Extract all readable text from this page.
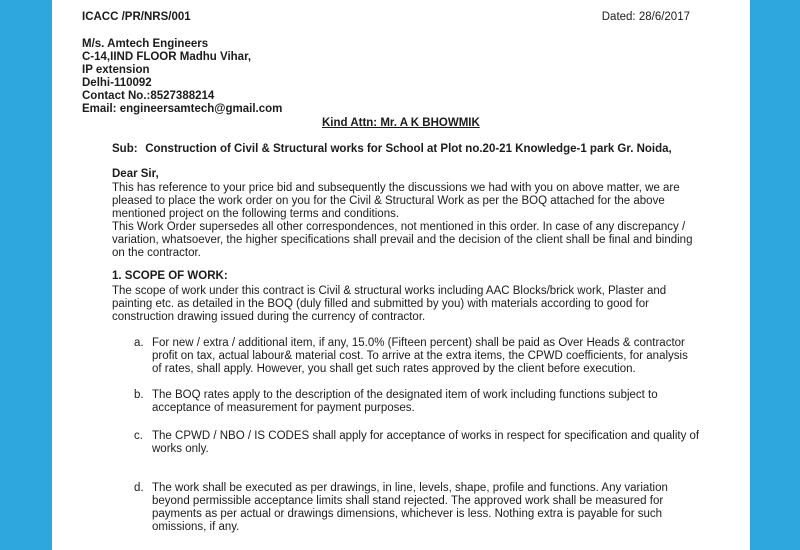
ICACC /PR/NRS/001	Dated: 28/6/2017
M/s. Amtech Engineers
C-14,IIND FLOOR Madhu Vihar,
IP extension
Delhi-110092
Contact No.:8527388214
Email: engineersamtech@gmail.com
Kind Attn: Mr. A K BHOWMIK
Sub: Construction of Civil & Structural works for School at Plot no.20-21 Knowledge-1 park Gr. Noida,
Dear Sir,
This has reference to your price bid and subsequently the discussions we had with you on above matter, we are
pleased to place the work order on you for the Civil & Structural Work as per the BOQ attached for the above
mentioned project on the following terms and conditions.
This Work Order supersedes all other correspondences, not mentioned in this order. In case of any discrepancy /
variation, whatsoever, the higher specifications shall prevail and the decision of the client shall be final and binding
on the contractor.
1. SCOPE OF WORK:
The scope of work under this contract is Civil & structural works including AAC Blocks/brick work, Plaster and
painting etc. as detailed in the BOQ (duly filled and submitted by you) with materials according to good for
construction drawing issued during the currency of contractor.
a. For new / extra / additional item, if any, 15.0% (Fifteen percent) shall be paid as Over Heads & contractor
profit on tax, actual labour& material cost. To arrive at the extra items, the CPWD coefficients, for analysis
of rates, shall apply. However, you shall get such rates approved by the client before execution.
b. The BOQ rates apply to the description of the designated item of work including functions subject to
acceptance of measurement for payment purposes.
c. The CPWD / NBO / IS CODES shall apply for acceptance of works in respect for specification and quality of
works only.
d. The work shall be executed as per drawings, in line, levels, shape, profile and functions. Any variation
beyond permissible acceptance limits shall stand rejected. The approved work shall be measured for
payments as per actual or drawings dimensions, whichever is less. Nothing extra is payable for such
omissions, if any.
